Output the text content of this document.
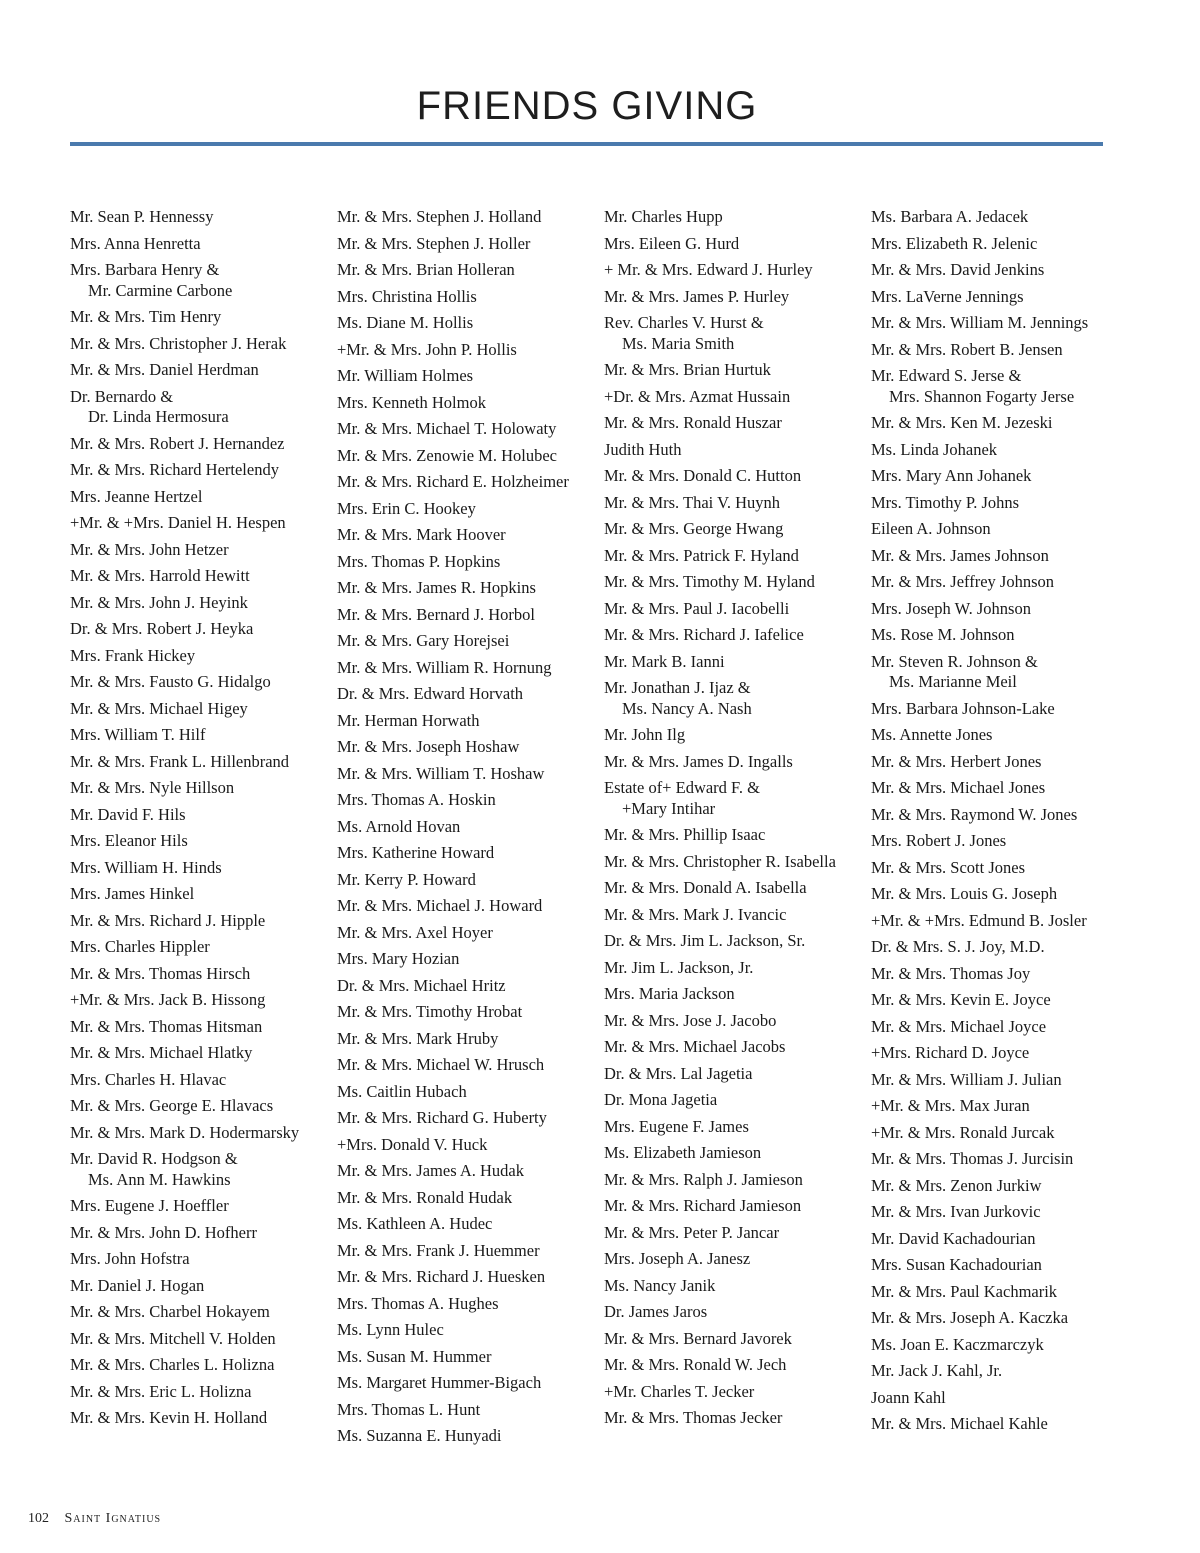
FRIENDS GIVING
Mr. Sean P. Hennessy
Mrs. Anna Henretta
Mrs. Barbara Henry &
Mr. Carmine Carbone
Mr. & Mrs. Tim Henry
Mr. & Mrs. Christopher J. Herak
Mr. & Mrs. Daniel Herdman
Dr. Bernardo &
Dr. Linda Hermosura
Mr. & Mrs. Robert J. Hernandez
Mr. & Mrs. Richard Hertelendy
Mrs. Jeanne Hertzel
+Mr. & +Mrs. Daniel H. Hespen
Mr. & Mrs. John Hetzer
Mr. & Mrs. Harrold Hewitt
Mr. & Mrs. John J. Heyink
Dr. & Mrs. Robert J. Heyka
Mrs. Frank Hickey
Mr. & Mrs. Fausto G. Hidalgo
Mr. & Mrs. Michael Higey
Mrs. William T. Hilf
Mr. & Mrs. Frank L. Hillenbrand
Mr. & Mrs. Nyle Hillson
Mr. David F. Hils
Mrs. Eleanor Hils
Mrs. William H. Hinds
Mrs. James Hinkel
Mr. & Mrs. Richard J. Hipple
Mrs. Charles Hippler
Mr. & Mrs. Thomas Hirsch
+Mr. & Mrs. Jack B. Hissong
Mr. & Mrs. Thomas Hitsman
Mr. & Mrs. Michael Hlatky
Mrs. Charles H. Hlavac
Mr. & Mrs. George E. Hlavacs
Mr. & Mrs. Mark D. Hodermarsky
Mr. David R. Hodgson &
Ms. Ann M. Hawkins
Mrs. Eugene J. Hoeffler
Mr. & Mrs. John D. Hofherr
Mrs. John Hofstra
Mr. Daniel J. Hogan
Mr. & Mrs. Charbel Hokayem
Mr. & Mrs. Mitchell V. Holden
Mr. & Mrs. Charles L. Holizna
Mr. & Mrs. Eric L. Holizna
Mr. & Mrs. Kevin H. Holland
Mr. & Mrs. Stephen J. Holland
Mr. & Mrs. Stephen J. Holler
Mr. & Mrs. Brian Holleran
Mrs. Christina Hollis
Ms. Diane M. Hollis
+Mr. & Mrs. John P. Hollis
Mr. William Holmes
Mrs. Kenneth Holmok
Mr. & Mrs. Michael T. Holowaty
Mr. & Mrs. Zenowie M. Holubec
Mr. & Mrs. Richard E. Holzheimer
Mrs. Erin C. Hookey
Mr. & Mrs. Mark Hoover
Mrs. Thomas P. Hopkins
Mr. & Mrs. James R. Hopkins
Mr. & Mrs. Bernard J. Horbol
Mr. & Mrs. Gary Horejsei
Mr. & Mrs. William R. Hornung
Dr. & Mrs. Edward Horvath
Mr. Herman Horwath
Mr. & Mrs. Joseph Hoshaw
Mr. & Mrs. William T. Hoshaw
Mrs. Thomas A. Hoskin
Ms. Arnold Hovan
Mrs. Katherine Howard
Mr. Kerry P. Howard
Mr. & Mrs. Michael J. Howard
Mr. & Mrs. Axel Hoyer
Mrs. Mary Hozian
Dr. & Mrs. Michael Hritz
Mr. & Mrs. Timothy Hrobat
Mr. & Mrs. Mark Hruby
Mr. & Mrs. Michael W. Hrusch
Ms. Caitlin Hubach
Mr. & Mrs. Richard G. Huberty
+Mrs. Donald V. Huck
Mr. & Mrs. James A. Hudak
Mr. & Mrs. Ronald Hudak
Ms. Kathleen A. Hudec
Mr. & Mrs. Frank J. Huemmer
Mr. & Mrs. Richard J. Huesken
Mrs. Thomas A. Hughes
Ms. Lynn Hulec
Ms. Susan M. Hummer
Ms. Margaret Hummer-Bigach
Mrs. Thomas L. Hunt
Ms. Suzanna E. Hunyadi
Mr. Charles Hupp
Mrs. Eileen G. Hurd
+ Mr. & Mrs. Edward J. Hurley
Mr. & Mrs. James P. Hurley
Rev. Charles V. Hurst &
Ms. Maria Smith
Mr. & Mrs. Brian Hurtuk
+Dr. & Mrs. Azmat Hussain
Mr. & Mrs. Ronald Huszar
Judith Huth
Mr. & Mrs. Donald C. Hutton
Mr. & Mrs. Thai V. Huynh
Mr. & Mrs. George Hwang
Mr. & Mrs. Patrick F. Hyland
Mr. & Mrs. Timothy M. Hyland
Mr. & Mrs. Paul J. Iacobelli
Mr. & Mrs. Richard J. Iafelice
Mr. Mark B. Ianni
Mr. Jonathan J. Ijaz &
Ms. Nancy A. Nash
Mr. John Ilg
Mr. & Mrs. James D. Ingalls
Estate of+ Edward F. &
+Mary Intihar
Mr. & Mrs. Phillip Isaac
Mr. & Mrs. Christopher R. Isabella
Mr. & Mrs. Donald A. Isabella
Mr. & Mrs. Mark J. Ivancic
Dr. & Mrs. Jim L. Jackson, Sr.
Mr. Jim L. Jackson, Jr.
Mrs. Maria Jackson
Mr. & Mrs. Jose J. Jacobo
Mr. & Mrs. Michael Jacobs
Dr. & Mrs. Lal Jagetia
Dr. Mona Jagetia
Mrs. Eugene F. James
Ms. Elizabeth Jamieson
Mr. & Mrs. Ralph J. Jamieson
Mr. & Mrs. Richard Jamieson
Mr. & Mrs. Peter P. Jancar
Mrs. Joseph A. Janesz
Ms. Nancy Janik
Dr. James Jaros
Mr. & Mrs. Bernard Javorek
Mr. & Mrs. Ronald W. Jech
+Mr. Charles T. Jecker
Mr. & Mrs. Thomas Jecker
Ms. Barbara A. Jedacek
Mrs. Elizabeth R. Jelenic
Mr. & Mrs. David Jenkins
Mrs. LaVerne Jennings
Mr. & Mrs. William M. Jennings
Mr. & Mrs. Robert B. Jensen
Mr. Edward S. Jerse &
Mrs. Shannon Fogarty Jerse
Mr. & Mrs. Ken M. Jezeski
Ms. Linda Johanek
Mrs. Mary Ann Johanek
Mrs. Timothy P. Johns
Eileen A. Johnson
Mr. & Mrs. James Johnson
Mr. & Mrs. Jeffrey Johnson
Mrs. Joseph W. Johnson
Ms. Rose M. Johnson
Mr. Steven R. Johnson &
Ms. Marianne Meil
Mrs. Barbara Johnson-Lake
Ms. Annette Jones
Mr. & Mrs. Herbert Jones
Mr. & Mrs. Michael Jones
Mr. & Mrs. Raymond W. Jones
Mrs. Robert J. Jones
Mr. & Mrs. Scott Jones
Mr. & Mrs. Louis G. Joseph
+Mr. & +Mrs. Edmund B. Josler
Dr. & Mrs. S. J. Joy, M.D.
Mr. & Mrs. Thomas Joy
Mr. & Mrs. Kevin E. Joyce
Mr. & Mrs. Michael Joyce
+Mrs. Richard D. Joyce
Mr. & Mrs. William J. Julian
+Mr. & Mrs. Max Juran
+Mr. & Mrs. Ronald Jurcak
Mr. & Mrs. Thomas J. Jurcisin
Mr. & Mrs. Zenon Jurkiw
Mr. & Mrs. Ivan Jurkovic
Mr. David Kachadourian
Mrs. Susan Kachadourian
Mr. & Mrs. Paul Kachmarik
Mr. & Mrs. Joseph A. Kaczka
Ms. Joan E. Kaczmarczyk
Mr. Jack J. Kahl, Jr.
Joann Kahl
Mr. & Mrs. Michael Kahle
102 Saint Ignatius
